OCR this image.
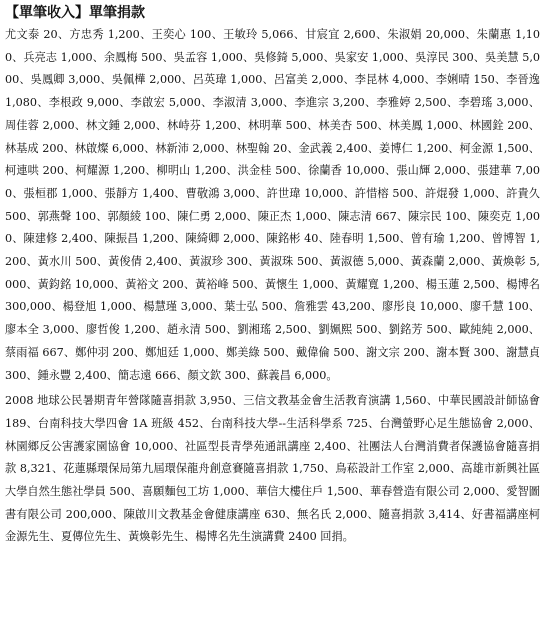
【單筆收入】單筆捐款

尤文泰 20、方忠秀 1,200、王奕心 100、王敏玲 5,066、甘宸宜 2,600、朱淑娟 20,000、朱蘭惠 1,100、兵亮志 1,000、余鳳梅 500、吳孟容 1,000、吳修錡 5,000、吳家安 1,000、吳淳民 300、吳美慧 5,000、吳鳳卿 3,000、吳佩樺 2,000、呂英瑋 1,000、呂富美 2,000、李昆林 4,000、李娳晴 150、李晉逸 1,080、李根政 9,000、李啟宏 5,000、李淑清 3,000、李進宗 3,200、李雅婷 2,500、李碧瑤 3,000、周佳蓉 2,000、林文鍾 2,000、林峙芬 1,200、林明華 500、林美杏 500、林美鳳 1,000、林國銓 200、林基成 200、林啟燦 6,000、林新沛 2,000、林聖翰 20、金武義 2,400、姜博仁 1,200、柯金源 1,500、柯連哄 200、柯耀源 1,200、柳明山 1,200、洪金桂 500、徐蘭香 10,000、張山輝 2,000、張建華 7,000、張桓郡 1,000、張靜方 1,400、曹敬鴻 3,000、許世瑋 10,000、許惜榕 500、許焜發 1,000、許貴久 500、郭燕聲 100、郭顏綾 100、陳仁勇 2,000、陳正杰 1,000、陳志清 667、陳宗民 100、陳奕克 1,000、陳建修 2,400、陳振昌 1,200、陳綺卿 2,000、陳銘彬 40、陸春明 1,500、曾有瑜 1,200、曾博智 1,200、黃水川 500、黃俊倩 2,400、黃淑珍 300、黃淑珠 500、黃淑德 5,000、黃森蘭 2,000、黃煥彰 5,000、黃鈞銘 10,000、黃裕文 200、黃裕峰 500、黃懷生 1,000、黃耀寬 1,200、楊玉蓮 2,500、楊博名 300,000、楊登旭 1,000、楊慧瑾 3,000、葉士弘 500、詹雅雲 43,200、廖彤良 10,000、廖千慧 100、廖本全 3,000、廖哲俊 1,200、趙永清 500、劉湘瑤 2,500、劉姵熙 500、劉銘芳 500、歐純純 2,000、蔡雨福 667、鄭仲羽 200、鄭旭廷 1,000、鄭美綠 500、戴偉倫 500、謝文宗 200、謝本賢 300、謝慧貞 300、鍾永豐 2,400、簡志遠 666、顏文欽 300、蘇義昌 6,000。

2008 地球公民暑期青年營隊隨喜捐款 3,950、三信文教基金會生活教育演講 1,560、中華民國設計師協會 189、台南科技大學四會 1A 班級 452、台南科技大學--生活科學系 725、台灣螢野心足生態協會 2,000、林園鄉反公害護家園協會 10,000、社區型長青學苑通訊講座 2,400、社團法人台灣消費者保護協會隨喜捐款 8,321、花蓮縣環保局第九屆環保龍舟創意賽隨喜捐款 1,750、鳥菘設計工作室 2,000、高雄市新興社區大學自然生態社學員 500、喜願麵包工坊 1,000、華信大樓住戶 1,500、華春營造有限公司 2,000、愛智圖書有限公司 200,000、陳啟川文教基金會健康講座 630、無名氏 2,000、隨喜捐款 3,414、好書福講座柯金源先生、夏傳位先生、黃煥彰先生、楊博名先生演講費 2400 回捐。
